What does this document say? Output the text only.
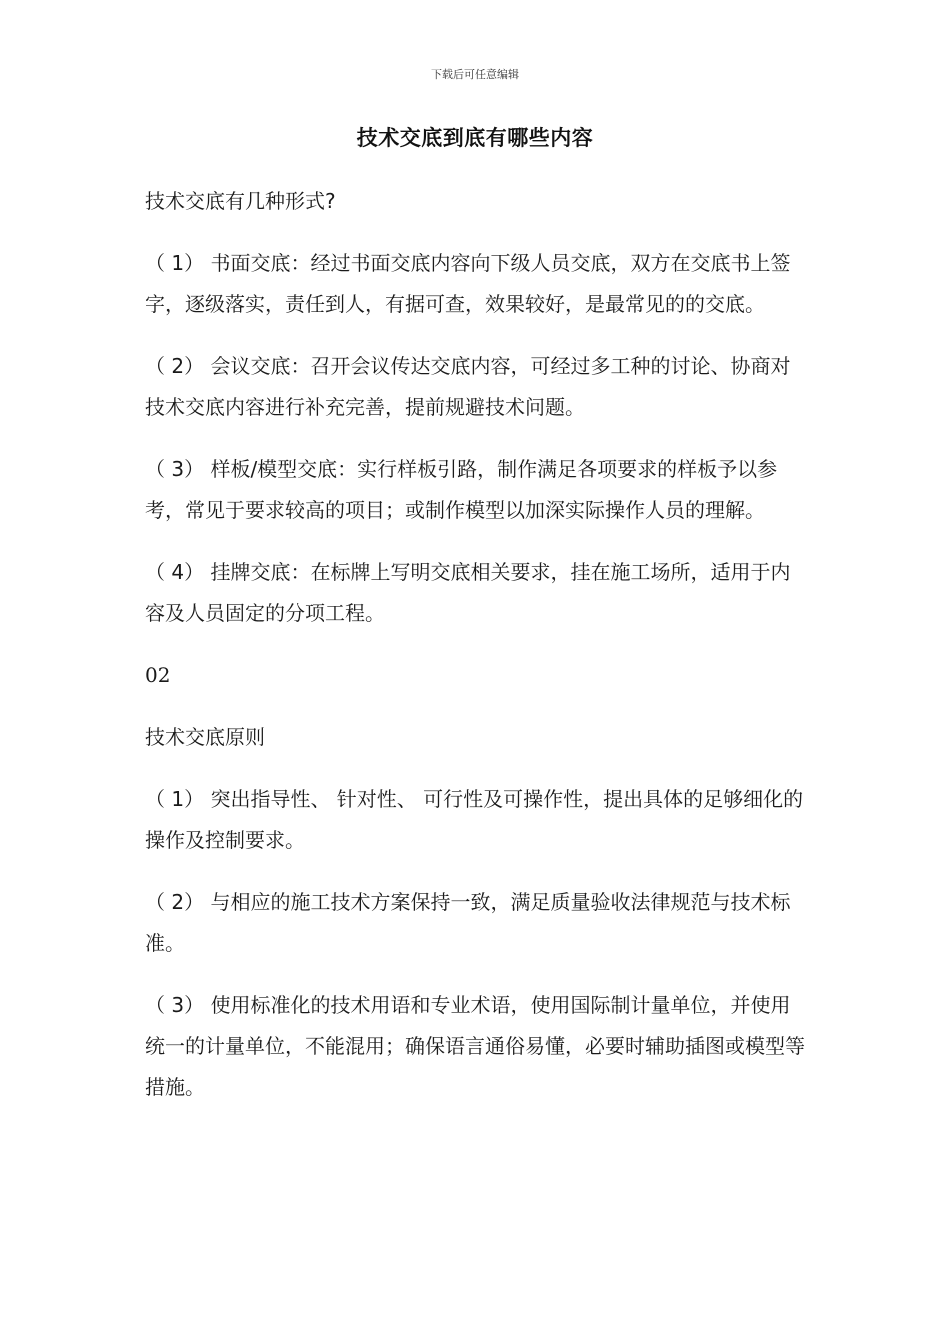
下载后可任意编辑
技术交底到底有哪些内容

技术交底有几种形式?

（ 1） 书面交底：经过书面交底内容向下级人员交底，双方在交底书上签字，逐级落实，责任到人，有据可查，效果较好，是最常见的的交底。

（ 2） 会议交底：召开会议传达交底内容，可经过多工种的讨论、协商对技术交底内容进行补充完善，提前规避技术问题。

（ 3） 样板/模型交底：实行样板引路，制作满足各项要求的样板予以参考，常见于要求较高的项目；或制作模型以加深实际操作人员的理解。

（ 4） 挂牌交底：在标牌上写明交底相关要求，挂在施工场所，适用于内容及人员固定的分项工程。

02

技术交底原则

（ 1） 突出指导性、 针对性、 可行性及可操作性，提出具体的足够细化的操作及控制要求。

（ 2） 与相应的施工技术方案保持一致，满足质量验收法律规范与技术标准。

（ 3） 使用标准化的技术用语和专业术语，使用国际制计量单位，并使用统一的计量单位，不能混用；确保语言通俗易懂，必要时辅助插图或模型等措施。
